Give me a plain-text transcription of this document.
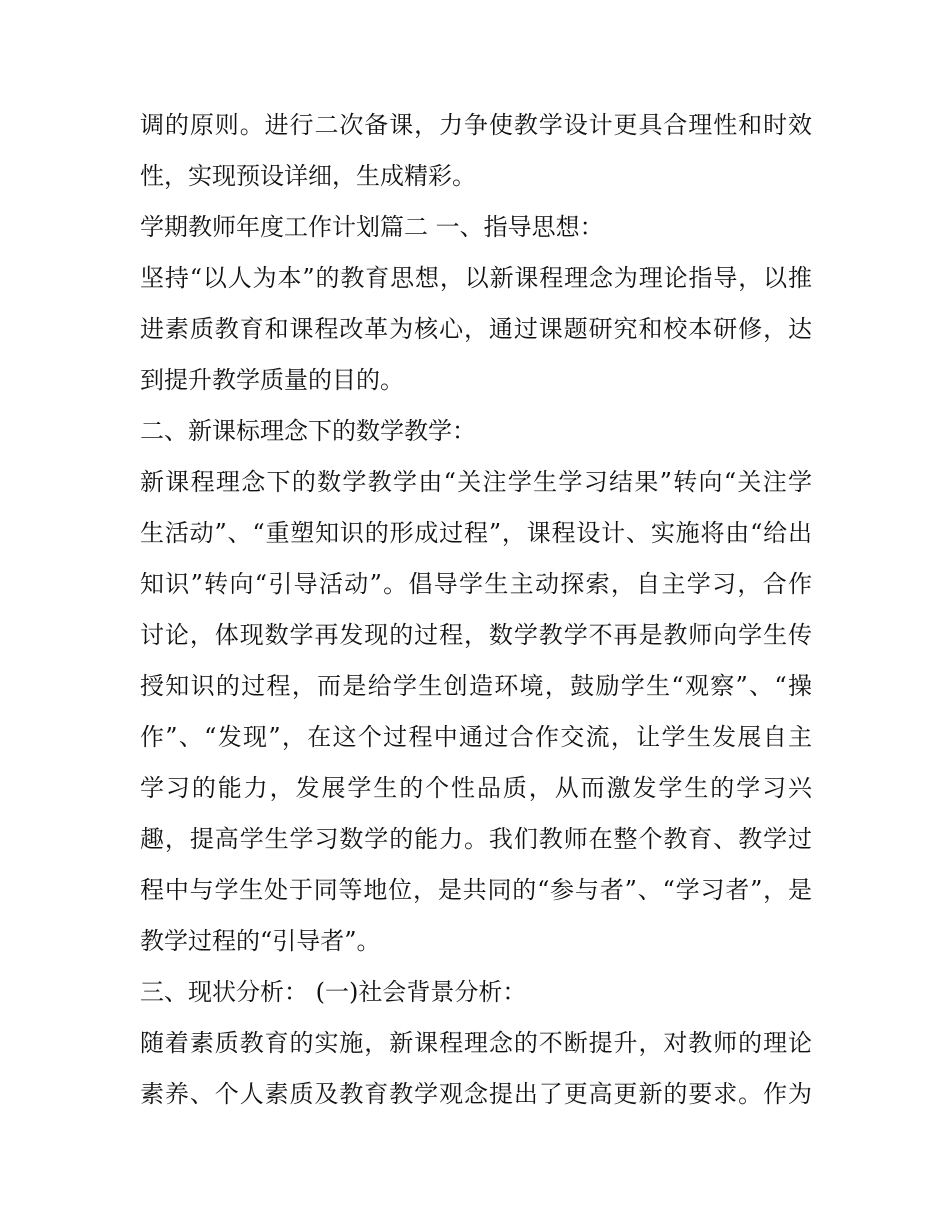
调的原则。进行二次备课，力争使教学设计更具合理性和时效
性，实现预设详细，生成精彩。
学期教师年度工作计划篇二 一、指导思想：
坚持“以人为本”的教育思想，以新课程理念为理论指导，以推
进素质教育和课程改革为核心，通过课题研究和校本研修，达
到提升教学质量的目的。
二、新课标理念下的数学教学：
新课程理念下的数学教学由“关注学生学习结果”转向“关注学
生活动”、“重塑知识的形成过程”，课程设计、实施将由“给出
知识”转向“引导活动”。倡导学生主动探索，自主学习，合作
讨论，体现数学再发现的过程，数学教学不再是教师向学生传
授知识的过程，而是给学生创造环境，鼓励学生“观察”、“操
作”、“发现”，在这个过程中通过合作交流，让学生发展自主
学习的能力，发展学生的个性品质，从而激发学生的学习兴
趣，提高学生学习数学的能力。我们教师在整个教育、教学过
程中与学生处于同等地位，是共同的“参与者”、“学习者”，是
教学过程的“引导者”。
三、现状分析： (一)社会背景分析：
随着素质教育的实施，新课程理念的不断提升，对教师的理论
素养、个人素质及教育教学观念提出了更高更新的要求。作为
